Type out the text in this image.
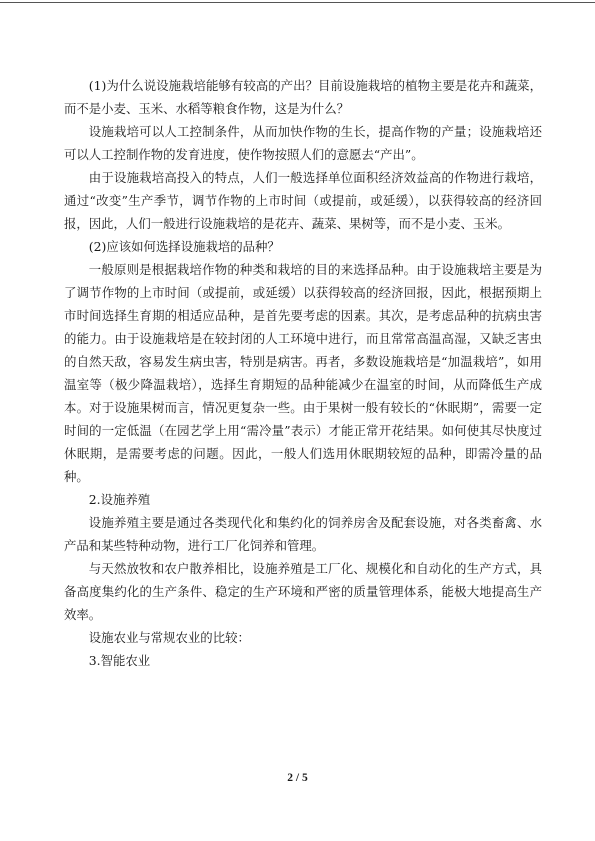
(1)为什么说设施栽培能够有较高的产出？目前设施栽培的植物主要是花卉和蔬菜，而不是小麦、玉米、水稻等粮食作物，这是为什么？

设施栽培可以人工控制条件，从而加快作物的生长，提高作物的产量；设施栽培还可以人工控制作物的发育进度，使作物按照人们的意愿去“产出”。

由于设施栽培高投入的特点，人们一般选择单位面积经济效益高的作物进行栽培，通过“改变”生产季节，调节作物的上市时间（或提前，或延缓），以获得较高的经济回报，因此，人们一般进行设施栽培的是花卉、蔬菜、果树等，而不是小麦、玉米。

(2)应该如何选择设施栽培的品种？

一般原则是根据栽培作物的种类和栽培的目的来选择品种。由于设施栽培主要是为了调节作物的上市时间（或提前，或延缓）以获得较高的经济回报，因此，根据预期上市时间选择生育期的相适应品种，是首先要考虑的因素。其次，是考虑品种的抗病虫害的能力。由于设施栽培是在较封闭的人工环境中进行，而且常常高温高湿，又缺乏害虫的自然天敌，容易发生病虫害，特别是病害。再者，多数设施栽培是“加温栽培”，如用温室等（极少降温栽培），选择生育期短的品种能减少在温室的时间，从而降低生产成本。对于设施果树而言，情况更复杂一些。由于果树一般有较长的“休眠期”，需要一定时间的一定低温（在园艺学上用“需冷量”表示）才能正常开花结果。如何使其尽快度过休眠期，是需要考虑的问题。因此，一般人们选用休眠期较短的品种，即需冷量的品种。

2.设施养殖

设施养殖主要是通过各类现代化和集约化的饲养房舍及配套设施，对各类畜禽、水产品和某些特种动物，进行工厂化饲养和管理。

与天然放牧和农户散养相比，设施养殖是工厂化、规模化和自动化的生产方式，具备高度集约化的生产条件、稳定的生产环境和严密的质量管理体系，能极大地提高生产效率。

设施农业与常规农业的比较：

3.智能农业

2 / 5
